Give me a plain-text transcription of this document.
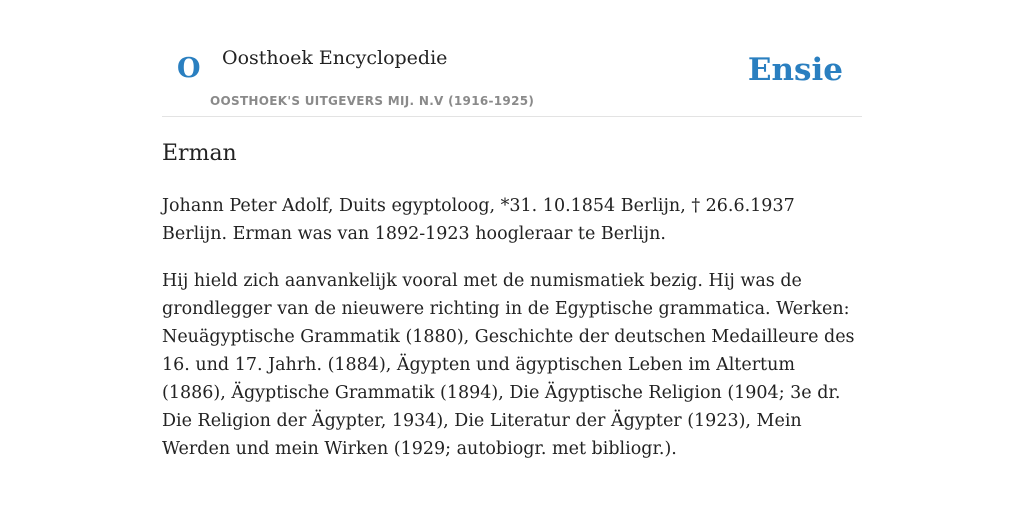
O Oosthoek Encyclopedie
OOSTHOEK'S UITGEVERS MIJ. N.V (1916-1925)
Ensie
Erman

Johann Peter Adolf, Duits egyptoloog, *31. 10.1854 Berlijn, † 26.6.1937 Berlijn. Erman was van 1892-1923 hoogleraar te Berlijn.

Hij hield zich aanvankelijk vooral met de numismatiek bezig. Hij was de grondlegger van de nieuwere richting in de Egyptische grammatica. Werken: Neuägyptische Grammatik (1880), Geschichte der deutschen Medailleure des 16. und 17. Jahrh. (1884), Ägypten und ägyptischen Leben im Altertum (1886), Ägyptische Grammatik (1894), Die Ägyptische Religion (1904; 3e dr. Die Religion der Ägypter, 1934), Die Literatur der Ägypter (1923), Mein Werden und mein Wirken (1929; autobiogr. met bibliogr.).
